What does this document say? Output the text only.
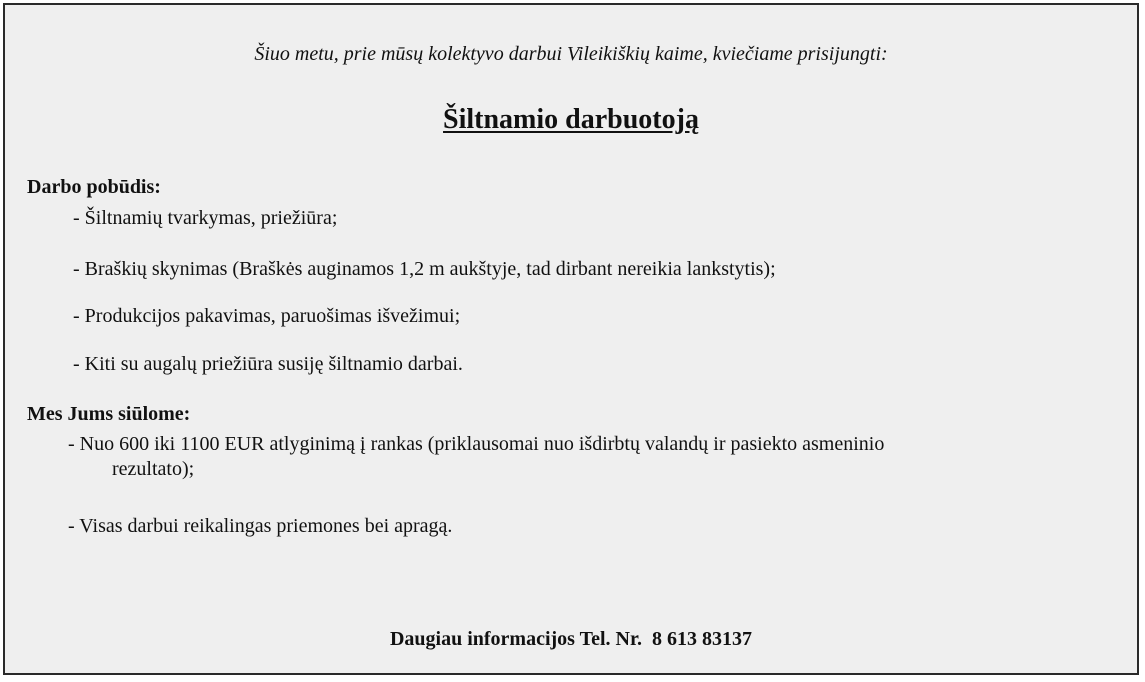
Šiuo metu, prie mūsų kolektyvo darbui Vileikiškių kaime, kviečiame prisijungti:
Šiltnamio darbuotoją
Darbo pobūdis:
- Šiltnamių tvarkymas, priežiūra;
- Braškių skynimas (Braškės auginamos 1,2 m aukštyje, tad dirbant nereikia lankstytis);
- Produkcijos pakavimas, paruošimas išvežimui;
- Kiti su augalų priežiūra susiję šiltnamio darbai.
Mes Jums siūlome:
- Nuo 600 iki 1100 EUR atlyginimą į rankas (priklausomai nuo išdirbtų valandų ir pasiekto asmeninio
rezultato);
- Visas darbui reikalingas priemones bei apragą.
Daugiau informacijos Tel. Nr.  8 613 83137
